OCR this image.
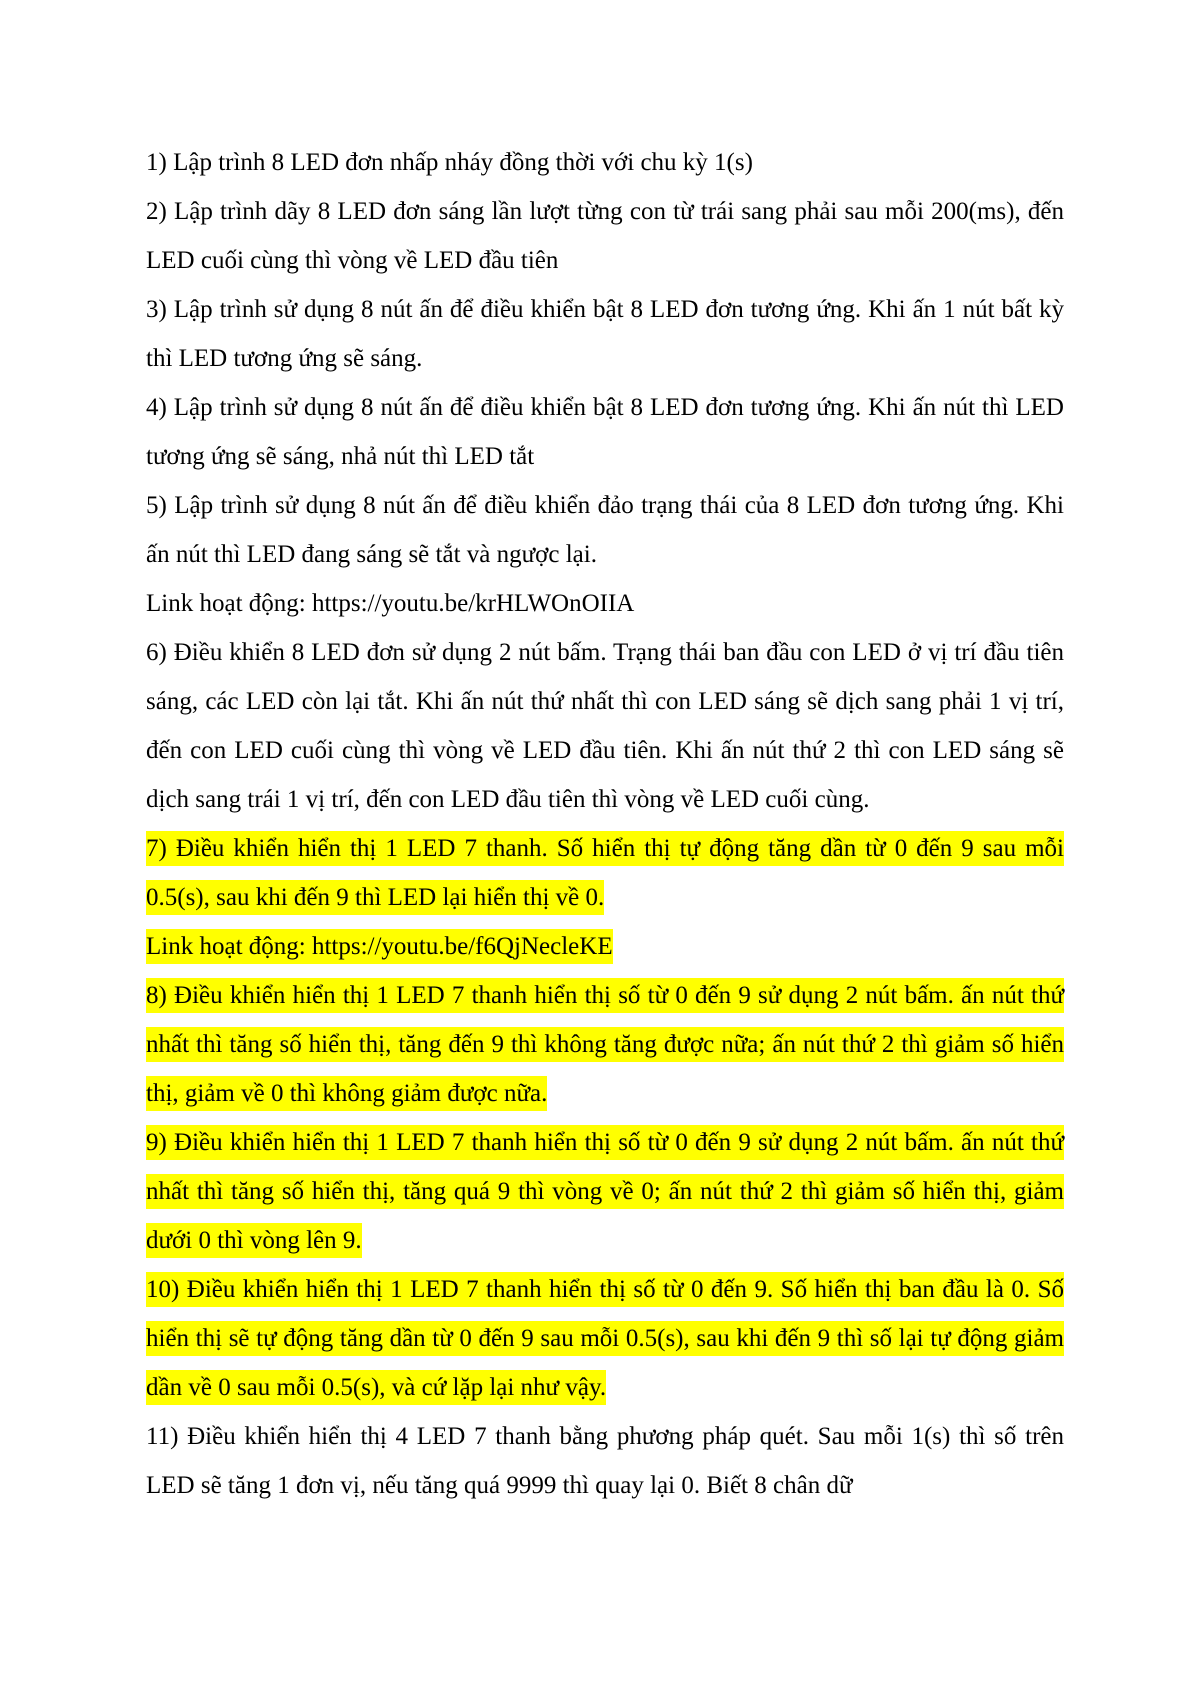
1) Lập trình 8 LED đơn nhấp nháy đồng thời với chu kỳ 1(s)

2) Lập trình dãy 8 LED đơn sáng lần lượt từng con từ trái sang phải sau mỗi 200(ms), đến LED cuối cùng thì vòng về LED đầu tiên

3) Lập trình sử dụng 8 nút ấn để điều khiển bật 8 LED đơn tương ứng. Khi ấn 1 nút bất kỳ thì LED tương ứng sẽ sáng.

4) Lập trình sử dụng 8 nút ấn để điều khiển bật 8 LED đơn tương ứng. Khi ấn nút thì LED tương ứng sẽ sáng, nhả nút thì LED tắt

5) Lập trình sử dụng 8 nút ấn để điều khiển đảo trạng thái của 8 LED đơn tương ứng. Khi ấn nút thì LED đang sáng sẽ tắt và ngược lại.

Link hoạt động: https://youtu.be/krHLWOnOIIA

6) Điều khiển 8 LED đơn sử dụng 2 nút bấm. Trạng thái ban đầu con LED ở vị trí đầu tiên sáng, các LED còn lại tắt. Khi ấn nút thứ nhất thì con LED sáng sẽ dịch sang phải 1 vị trí, đến con LED cuối cùng thì vòng về LED đầu tiên. Khi ấn nút thứ 2 thì con LED sáng sẽ dịch sang trái 1 vị trí, đến con LED đầu tiên thì vòng về LED cuối cùng.

7) Điều khiển hiển thị 1 LED 7 thanh. Số hiển thị tự động tăng dần từ 0 đến 9 sau mỗi 0.5(s), sau khi đến 9 thì LED lại hiển thị về 0.

Link hoạt động: https://youtu.be/f6QjNecleKE

8) Điều khiển hiển thị 1 LED 7 thanh hiển thị số từ 0 đến 9 sử dụng 2 nút bấm. ấn nút thứ nhất thì tăng số hiển thị, tăng đến 9 thì không tăng được nữa; ấn nút thứ 2 thì giảm số hiển thị, giảm về 0 thì không giảm được nữa.

9) Điều khiển hiển thị 1 LED 7 thanh hiển thị số từ 0 đến 9 sử dụng 2 nút bấm. ấn nút thứ nhất thì tăng số hiển thị, tăng quá 9 thì vòng về 0; ấn nút thứ 2 thì giảm số hiển thị, giảm dưới 0 thì vòng lên 9.

10) Điều khiển hiển thị 1 LED 7 thanh hiển thị số từ 0 đến 9. Số hiển thị ban đầu là 0. Số hiển thị sẽ tự động tăng dần từ 0 đến 9 sau mỗi 0.5(s), sau khi đến 9 thì số lại tự động giảm dần về 0 sau mỗi 0.5(s), và cứ lặp lại như vậy.

11) Điều khiển hiển thị 4 LED 7 thanh bằng phương pháp quét. Sau mỗi 1(s) thì số trên LED sẽ tăng 1 đơn vị, nếu tăng quá 9999 thì quay lại 0. Biết 8 chân dữ
